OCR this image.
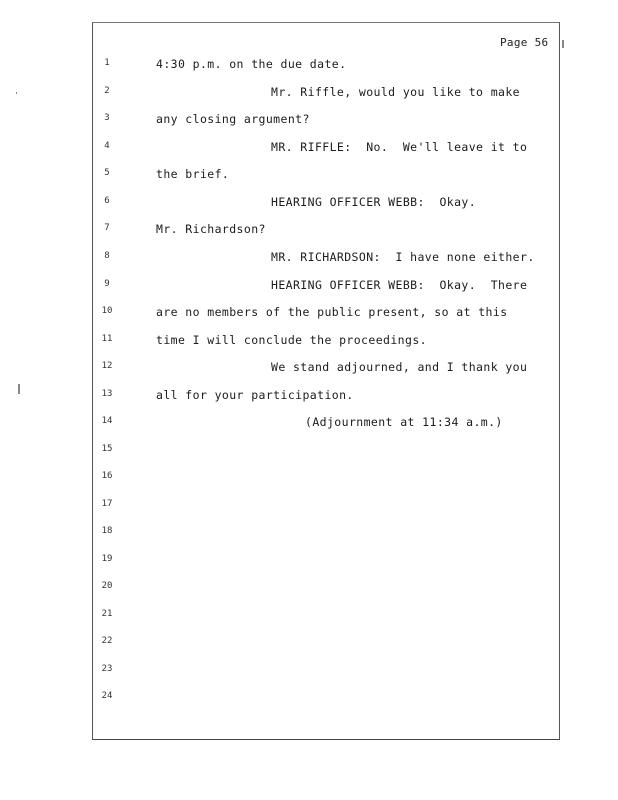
Page 56
1
2
3
4
5
6
7
8
9
10
11
12
13
14
15
16
17
18
19
20
21
22
23
24
4:30 p.m. on the due date.
Mr. Riffle, would you like to make
any closing argument?
MR. RIFFLE:  No.  We'll leave it to
the brief.
HEARING OFFICER WEBB:  Okay.
Mr. Richardson?
MR. RICHARDSON:  I have none either.
HEARING OFFICER WEBB:  Okay.  There
are no members of the public present, so at this
time I will conclude the proceedings.
We stand adjourned, and I thank you
all for your participation.
(Adjournment at 11:34 a.m.)
